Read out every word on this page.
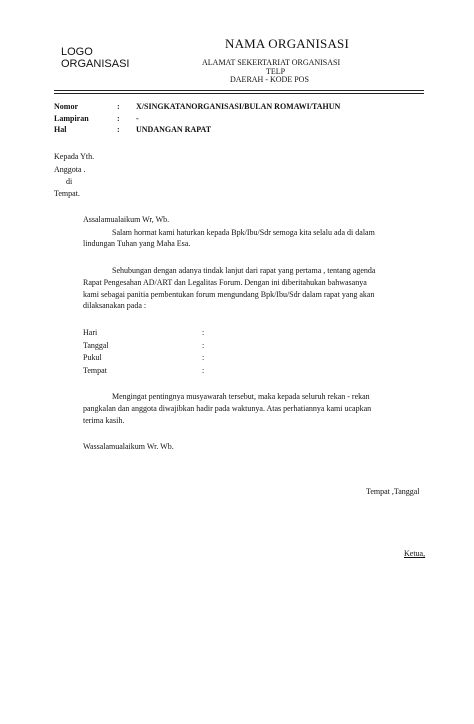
LOGO
ORGANISASI
NAMA ORGANISASI
ALAMAT SEKERTARIAT ORGANISASI
TELP
DAERAH - KODE POS
Nomor	: X/SINGKATANORGANISASI/BULAN ROMAWI/TAHUN
Lampiran	: -
Hal	: UNDANGAN RAPAT
Kepada Yth.
Anggota .
di
Tempat.
Assalamualaikum Wr, Wb.
Salam hormat kami haturkan kepada Bpk/Ibu/Sdr semoga kita selalu ada di dalam
lindungan Tuhan yang Maha Esa.
Sehubungan dengan adanya tindak lanjut dari rapat yang pertama , tentang agenda
Rapat Pengesahan AD/ART dan Legalitas Forum. Dengan ini diberitahukan bahwasanya
kami sebagai panitia pembentukan forum mengundang Bpk/Ibu/Sdr dalam rapat yang akan
dilaksanakan pada :
Hari	:
Tanggal	:
Pukul	:
Tempat	:
Mengingat pentingnya musyawarah tersebut, maka kepada seluruh rekan - rekan
pangkalan dan anggota diwajibkan hadir pada waktunya. Atas perhatiannya kami ucapkan
terima kasih.
Wassalamualaikum Wr. Wb.
Tempat ,Tanggal
Ketua,
